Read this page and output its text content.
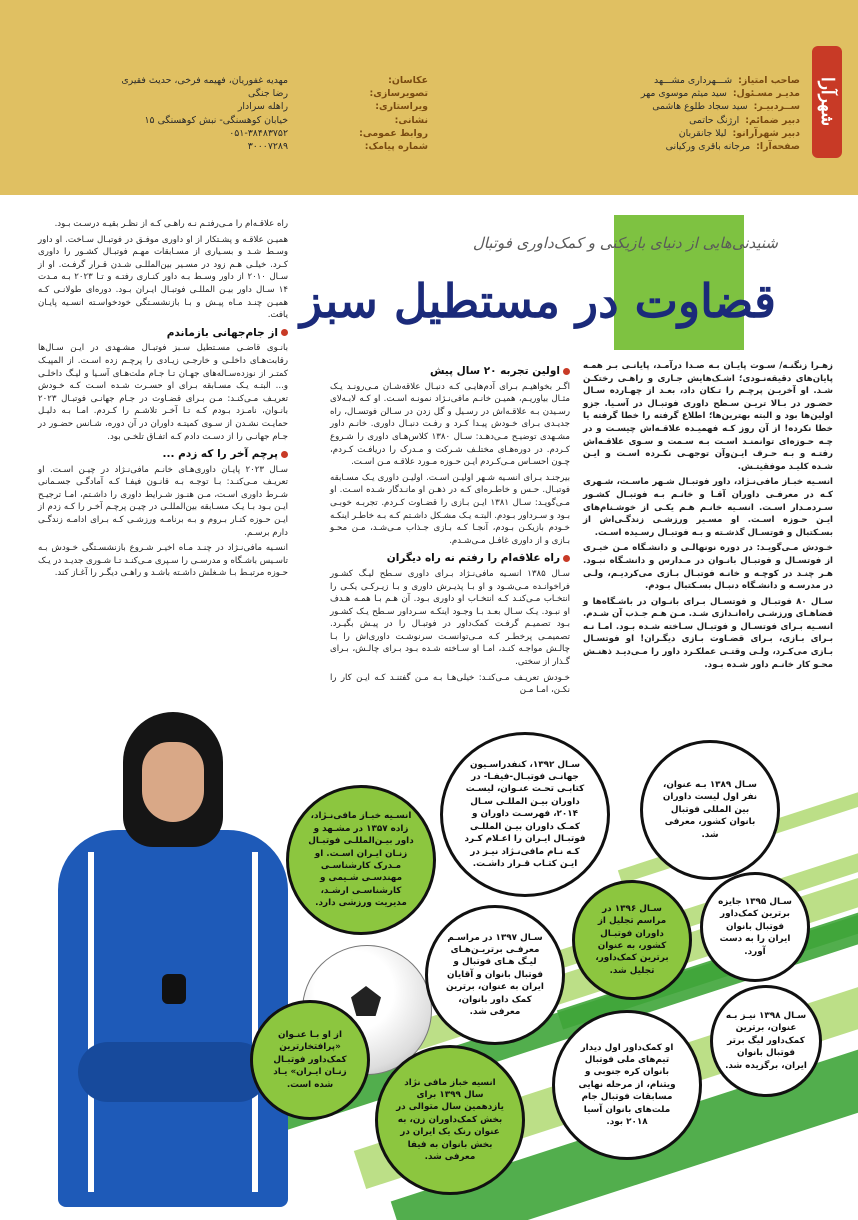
شهرآرا
صاحب امتیاز:
شـــهرداری مشـــهد
مدیـر مسـئول:
سید میثم موسوی مهر
ســردبیـر:
سید سجاد طلوع هاشمی
دبیر ضمائم:
ارژنگ حاتمی
دبیر شهرآرانو:
لیلا جانقربان
صفحه‌آرا:
مرجانه باقری ورکیانی
عکاسان:
تصویرسازی:
ویراستاری:
نشانی:
روابط عمومی:
شماره پیامک:
مهدیه غفوریان، فهیمه فرخی، حدیث فقیری
رضا جنگی
راهله سرادار
خیابان کوهسنگی- نبش کوهسنگی ۱۵
۰۵۱-۳۸۴۸۳۷۵۲
۳۰۰۰۷۲۸۹
شنیدنی‌هایی از دنیای بازیکنی و کمک‌داوری فوتبال
قضاوت در مستطیل سبز

زهـرا زنگنـه/ سـوت پایـان بـه صـدا درآمـد، پایانـی بـر همـه پایان‌های دقیقه‌نـودی؛ اشـک‌هایش جـاری و راهـی رختکـن شـد. او آخریـن پرچـم را تـکان داد، بعـد از چهـارده سـال حضـور در بـالا تریـن سـطح داوری فوتبـال در آسـیا. جزو اولین‌ها بود و البته بهترین‌ها؛ اطلاع گرفته را خطا گرفته یا خطا نکرده! از آن روز کـه فهمیـده علاقـه‌اش چیسـت و در چـه حـوزه‌ای توانمنـد اسـت بـه سـمت و سـوی علاقـه‌اش رفتـه و بـه حـرف ایـن‌وآن توجهـی نکـرده اسـت و ایـن شـده کلیـد موفقیتـش.

انسـیه خبـاز مافی‌نـژاد، داور فوتبـال شـهر ماسـت، شـهری کـه در معرفـی داوران آقـا و خانـم بـه فوتبـال کشـور سـردمـدار اسـت. انسـیه خانـم هـم یکـی از خوشـنام‌های ایـن حـوزه اسـت. او مسـیر ورزشـی زندگـی‌اش از بسـکتبال و فوتسـال گذشـته و بـه فوتبـال رسـیده اسـت.

خـودش مـی‌گویـد: در دوره نونهالـی و دانشـگاه مـن خبـری از فوتسـال و فوتبـال بانـوان در مـدارس و دانشـگاه نبـود. هـر چنـد در کوچـه و خانـه فوتبـال بـازی می‌کردیـم، ولـی در مدرسـه و دانشـگاه دنبـال بسـکتبال بـودم.

سـال ۸۰ فوتبـال و فوتسـال بـرای بانـوان در باشـگاه‌ها و فضاهـای ورزشـی راه‌انـدازی شـد. مـن هـم جـذب آن شـدم. انسـیه بـرای فوتسـال و فوتبـال سـاخته شـده بـود. امـا نـه بـرای بـازی، بـرای قضـاوت بـازی دیگـران! او فوتسـال بـازی می‌کـرد، ولـی وقتـی عملکـرد داور را مـی‌دیـد ذهنـش محـو کار خانـم داور شـده بـود.

اولین تجربه ۲۰ سال پیش

اگـر بخواهیـم بـرای آدم‌هایـی کـه دنبـال علاقه‌شـان مـی‌رونـد یـک مثـال بیاوریـم، همیـن خانـم مافی‌نـژاد نمونـه اسـت. او کـه لابـه‌لای رسـیدن بـه علاقـه‌اش در رسـیل و گل زدن در سـالن فوتسـال، راه جدیـدی بـرای خـودش پیـدا کـرد و رفـت دنبـال داوری. خانـم داور مشـهدی توضیـح مـی‌دهـد: سـال ۱۳۸۰ کلاس‌هـای داوری را شـروع کـردم. در دوره‌هـای مختلـف شـرکت و مـدرک را دریافـت کـردم، چـون احسـاس مـی‌کـردم ایـن حـوزه مـورد علاقـه مـن اسـت.

بیرجنـد بـرای انسـیه شـهر اولیـن اسـت. اولیـن داوری یـک مسـابقه فوتبـال. حـس و خاطـره‌ای کـه در ذهـن او مانـدگار شـده اسـت. او مـی‌گویـد: سـال ۱۳۸۱ ایـن بـازی را قضـاوت کـردم. تجربـه خوبـی بـود و سـرداور بـودم. البتـه یـک مشـکل داشـتم کـه بـه خاطـر اینکـه خـودم بازیکـن بـودم، آنجـا کـه بـازی جـذاب مـی‌شـد، مـن محـو بـازی و از داوری غافـل مـی‌شـدم.

راه علاقه‌ام را رفتم نه راه دیگران

سـال ۱۳۸۵ انسـیه مافی‌نـژاد بـرای داوری سـطح لیـگ کشـور فراخوانـده مـی‌شـود و او بـا پذیـرش داوری و بـا زیـرکـی یکـی را انتخـاب مـی‌کنـد کـه انتخـاب او داوری بـود. آن هـم بـا همـه هـدف او نبـود. یـک سـال بعـد بـا وجـود اینکـه سـرداور سـطح یـک کشـور بـود تصمیـم گرفـت کمک‌داور در فوتبـال را در پیـش بگیـرد. تصمیمـی پرخطـر کـه مـی‌توانسـت سرنوشـت داوری‌اش را بـا چالـش مواجـه کنـد، امـا او سـاخته شـده بـود بـرای چالـش، بـرای گـذار از سختی.

خـودش تعریـف مـی‌کنـد: خیلی‌هـا بـه مـن گفتنـد کـه ایـن کار را نکـن، امـا مـن

راه علاقـه‌ام را مـی‌رفتـم نـه راهـی کـه از نظـر بقیـه درسـت بـود.

همیـن علاقـه و پشـتکار از او داوری موفـق در فوتبـال سـاخت. او داور وسـط شـد و بسـیاری از مسـابقات مهـم فوتبـال کشـور را داوری کـرد. خیلـی هـم زود در مسـیر بین‌المللـی شـدن قـرار گرفـت. او از سـال ۲۰۱۰ از داور وسـط بـه داور کنـاری رفتـه و تـا ۲۰۲۳ بـه مـدت ۱۴ سـال داور بیـن المللـی فوتبـال ایـران بـود. دوره‌ای طولانـی کـه همیـن چنـد مـاه پیـش و بـا بازنشسـتگی خودخواسـته انسـیه پایـان یافت.

از جام‌جهانی بازماندم

بانـوی قاضـی مسـتطیل سـبز فوتبـال مشـهدی در ایـن سـال‌ها رقابت‌هـای داخلـی و خارجـی زیـادی را پرچـم زده اسـت. از المپیـک کمتـر از نوزده‌سـاله‌های جهـان تـا جـام ملت‌هـای آسـیا و لیـگ داخلـی و... البتـه یـک مسـابقه بـرای او حسـرت شـده اسـت کـه خـودش تعریـف مـی‌کنـد: مـن بـرای قضـاوت در جـام جهانـی فوتبـال ۲۰۲۳ بانـوان، نامـزد بـودم کـه تـا آخـر تلاشـم را کـردم. امـا بـه دلیـل حمایـت نشـدن از سـوی کمیتـه داوران در آن دوره، شـانس حضـور در جـام جهانـی را از دسـت دادم کـه اتفـاق تلخـی بود.

پرچم آخر را که زدم ...

سـال ۲۰۲۳ پایـان داوری‌هـای خانـم مافی‌نـژاد در چیـن اسـت. او تعریـف مـی‌کنـد: بـا توجـه بـه قانـون فیفـا کـه آمادگـی جسـمانی شـرط داوری اسـت، مـن هنـوز شـرایط داوری را داشـتم، امـا ترجیـح ایـن بـود بـا یـک مسـابقه بین‌المللـی در چیـن پرچـم آخـر را کـه زدم از ایـن حـوزه کنـار بـروم و بـه برنامـه ورزشـی کـه بـرای ادامـه زندگـی دارم برسـم.

انسـیه مافی‌نـژاد در چنـد مـاه اخیـر شـروع بازنشسـتگی خـودش بـه تاسـیس باشـگاه و مدرسـی را سـپری مـی‌کنـد تـا شـوری جدیـد در یـک حـوزه مرتبـط بـا شـغلش داشـته باشـد و راهـی دیگـر را آغـاز کند.

انسـیه خبـاز مافی‌نـژاد، زاده ۱۳۵۷ در مشـهد و داور بیـن‌المللـی فوتبـال زنـان ایـران اسـت. او مـدرک کارشناسـی مهندسـی شـیمی و کارشناسـی ارشـد، مدیریت ورزشی دارد.
سـال ۱۳۹۲، کنفدراسـیون جهانـی فوتبـال-فیفـا- در کتابـی تحـت عنـوان، لیسـت داوران بیـن المللـی سـال ۲۰۱۴، فهرسـت داوران و کمـک داوران بیـن المللـی فوتبـال ایـران را اعـلام کـرد کـه نـام مافی‌نـژاد نیـز در ایـن کتـاب قـرار داشـت.
سـال ۱۳۸۹ بـه عنوان، نفر اول لیست داوران بین المللی فوتبال بانوان کشور، معرفی شد.
سـال ۱۳۹۵ جایزه برترین کمک‌داور فوتبال بانوان ایران را به دست آورد.
سـال ۱۳۹۶ در مراسم تجلیل از داوران فوتبـال کشور، به عنوان برترین کمک‌داور، تجلیل شد.
سـال ۱۳۹۷ در مراسـم معرفـی برتریـن‌هـای لیـگ هـای فوتبال و فوتبال بانوان و آقایان ایران به عنوان، برترین کمک داور بانوان، معرفی شد.	سـال ۱۳۹۸ نیـز بـه عنوان، برترین کمک‌داور لیگ برتر فوتبال بانوان ایران، برگزیده شد.
از او بـا عنـوان «پرافتخارترین کمک‌داور فوتبـال زنـان ایـران» یـاد شده است.	انسیه خباز مافی نژاد سال ۱۳۹۹ برای یازدهمین سال متوالی در بخش کمک‌داوران زن، به عنوان رنک یک ایران در بخش بانوان به فیفا معرفی شد.
او کمک‌داور اول دیدار تیم‌های ملی فوتبال بانوان کره جنوبی و ویتنام، از مرحله نهایی مسابقات فوتبال جام ملت‌های بانوان آسیا ۲۰۱۸ بود.
